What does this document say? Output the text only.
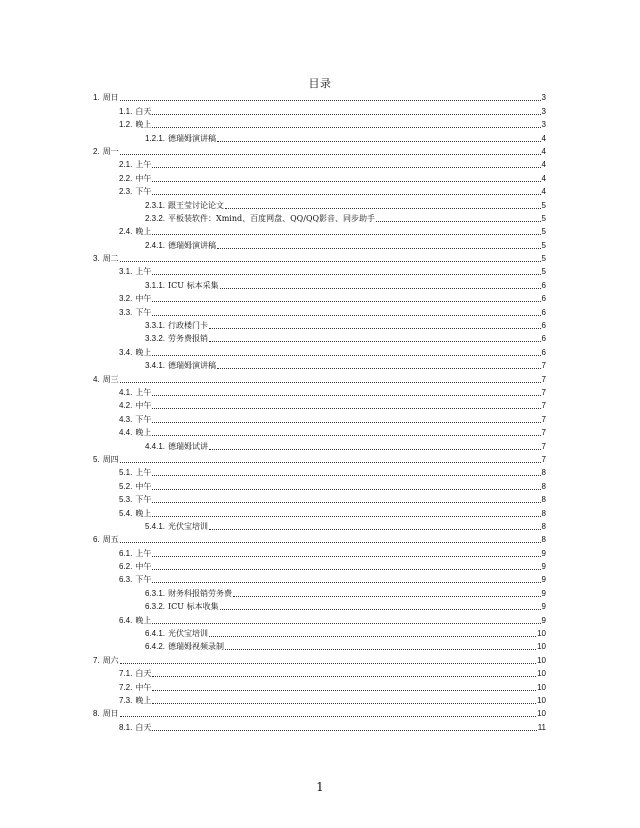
目录
1. 周日	3
1.1. 白天	3
1.2. 晚上	3
1.2.1. 德瑞姆演讲稿	4
2. 周一	4
2.1. 上午	4
2.2. 中午	4
2.3. 下午	4
2.3.1. 跟王莹讨论论文	5
2.3.2. 平板装软件：Xmind、百度网盘、QQ/QQ影音、同步助手	5
2.4. 晚上	5
2.4.1. 德瑞姆演讲稿	5
3. 周二	5
3.1. 上午	5
3.1.1. ICU 标本采集	6
3.2. 中午	6
3.3. 下午	6
3.3.1. 行政楼门卡	6
3.3.2. 劳务费报销	6
3.4. 晚上	6
3.4.1. 德瑞姆演讲稿	7
4. 周三	7
4.1. 上午	7
4.2. 中午	7
4.3. 下午	7
4.4. 晚上	7
4.4.1. 德瑞姆试讲	7
5. 周四	7
5.1. 上午	8
5.2. 中午	8
5.3. 下午	8
5.4. 晚上	8
5.4.1. 光伏宝培训	8
6. 周五	8
6.1. 上午	9
6.2. 中午	9
6.3. 下午	9
6.3.1. 财务科报销劳务费	9
6.3.2. ICU 标本收集	9
6.4. 晚上	9
6.4.1. 光伏宝培训	10
6.4.2. 德瑞姆视频录制	10
7. 周六	10
7.1. 白天	10
7.2. 中午	10
7.3. 晚上	10
8. 周日	10
8.1. 白天	11
1
